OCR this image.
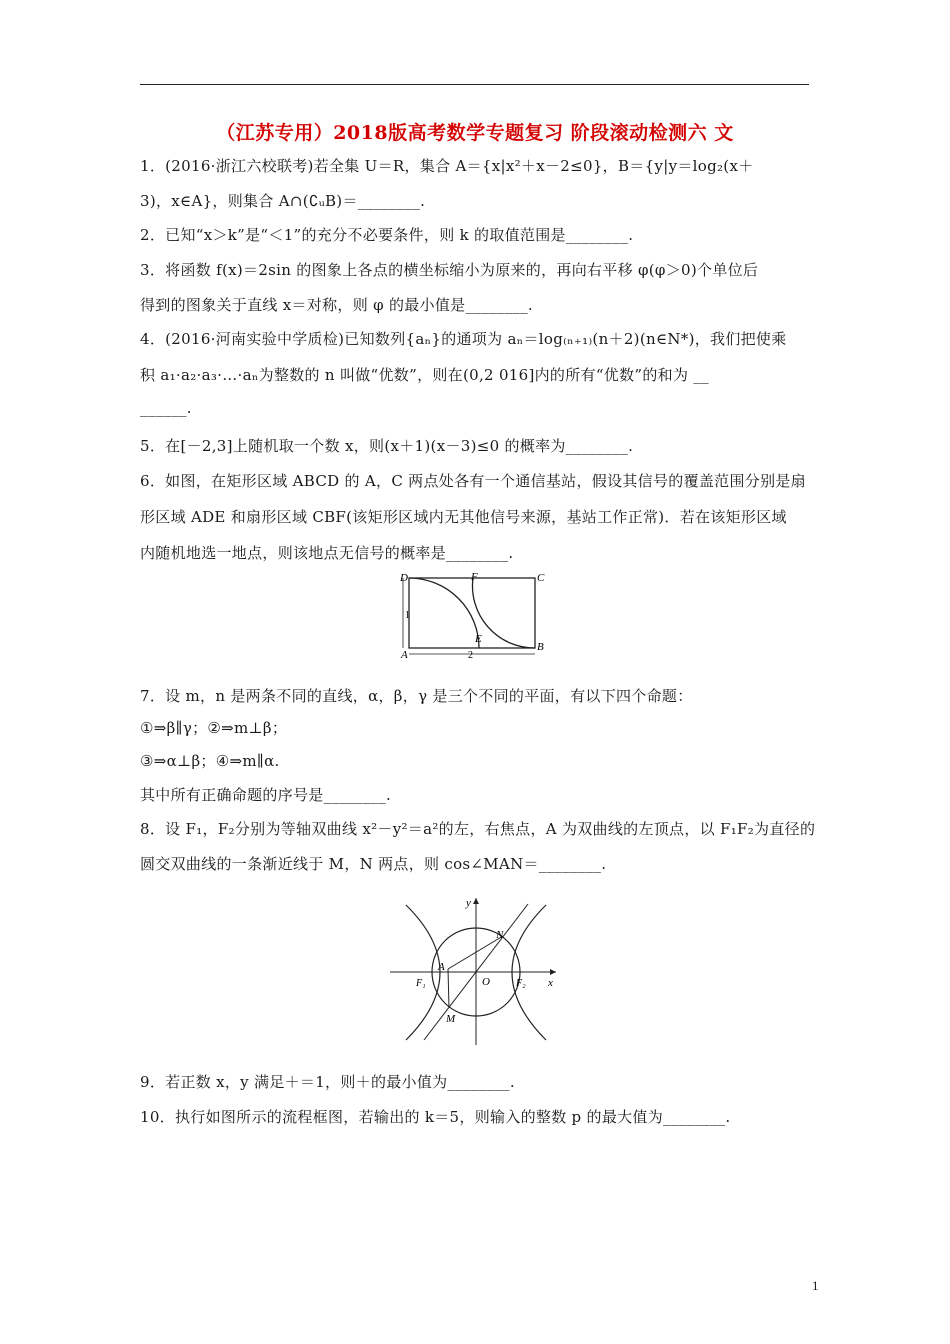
（江苏专用）2018版高考数学专题复习 阶段滚动检测六 文
1．(2016·浙江六校联考)若全集 U＝R，集合 A＝{x|x²＋x－2≤0}，B＝{y|y＝log₂(x＋
3)，x∈A}，则集合 A∩(∁ᵤB)＝________.
2．已知“x＞k”是“＜1”的充分不必要条件，则 k 的取值范围是________.
3．将函数 f(x)＝2sin 的图象上各点的横坐标缩小为原来的，再向右平移 φ(φ＞0)个单位后
得到的图象关于直线 x＝对称，则 φ 的最小值是________.
4．(2016·河南实验中学质检)已知数列{aₙ}的通项为 aₙ＝log₍ₙ₊₁₎(n＋2)(n∈N*)，我们把使乘
积 a₁·a₂·a₃·…·aₙ为整数的 n 叫做“优数”，则在(0,2 016]内的所有“优数”的和为 __
______.
5．在[－2,3]上随机取一个数 x，则(x＋1)(x－3)≤0 的概率为________.
6．如图，在矩形区域 ABCD 的 A，C 两点处各有一个通信基站，假设其信号的覆盖范围分别是扇
形区域 ADE 和扇形区域 CBF(该矩形区域内无其他信号来源，基站工作正常)．若在该矩形区域
内随机地选一地点，则该地点无信号的概率是________.
D	F	C
A
E
B
1
2
7．设 m，n 是两条不同的直线，α，β，γ 是三个不同的平面，有以下四个命题：
①⇒β∥γ；②⇒m⊥β；
③⇒α⊥β；④⇒m∥α.
其中所有正确命题的序号是________.
8．设 F₁，F₂分别为等轴双曲线 x²－y²＝a²的左，右焦点，A 为双曲线的左顶点，以 F₁F₂为直径的
圆交双曲线的一条渐近线于 M，N 两点，则 cos∠MAN＝________.
y
x
N
A
F₁	O	F₂
M
9．若正数 x，y 满足＋＝1，则＋的最小值为________.
10．执行如图所示的流程框图，若输出的 k＝5，则输入的整数 p 的最大值为________.
1
